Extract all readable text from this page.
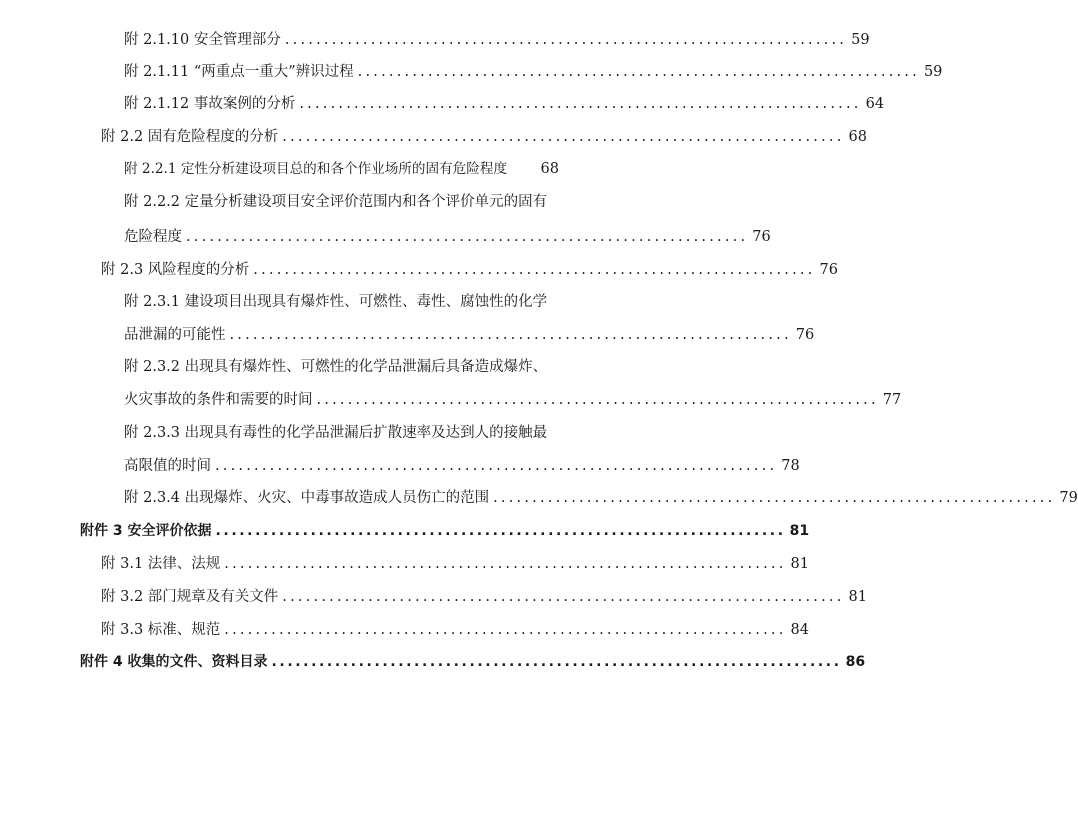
附 2.1.10 安全管理部分 ........................................................................ 59
附 2.1.11 “两重点一重大”辨识过程 ........................................................................ 59
附 2.1.12 事故案例的分析 ........................................................................ 64
附 2.2 固有危险程度的分析 ........................................................................ 68
附 2.2.1 定性分析建设项目总的和各个作业场所的固有危险程度 68
附 2.2.2 定量分析建设项目安全评价范围内和各个评价单元的固有
危险程度 ........................................................................ 76
附 2.3 风险程度的分析 ........................................................................ 76
附 2.3.1 建设项目出现具有爆炸性、可燃性、毒性、腐蚀性的化学
品泄漏的可能性 ........................................................................ 76
附 2.3.2 出现具有爆炸性、可燃性的化学品泄漏后具备造成爆炸、
火灾事故的条件和需要的时间 ........................................................................ 77
附 2.3.3 出现具有毒性的化学品泄漏后扩散速率及达到人的接触最
高限值的时间 ........................................................................ 78
附 2.3.4 出现爆炸、火灾、中毒事故造成人员伤亡的范围 ........................................................................ 79
附件 3 安全评价依据 ........................................................................ 81
附 3.1 法律、法规 ........................................................................ 81
附 3.2 部门规章及有关文件 ........................................................................ 81
附 3.3 标准、规范 ........................................................................ 84
附件 4 收集的文件、资料目录 ........................................................................ 86
